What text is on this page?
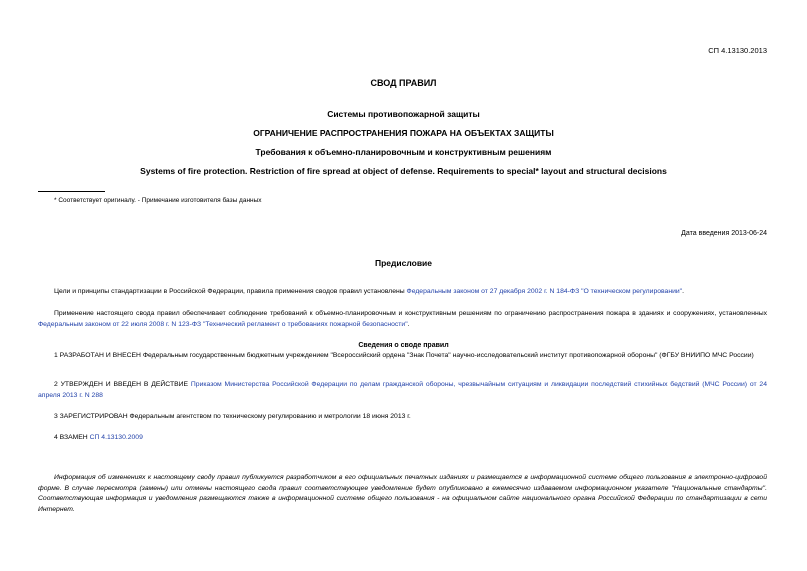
СП 4.13130.2013
СВОД ПРАВИЛ
Системы противопожарной защиты
ОГРАНИЧЕНИЕ РАСПРОСТРАНЕНИЯ ПОЖАРА НА ОБЪЕКТАХ ЗАЩИТЫ
Требования к объемно-планировочным и конструктивным решениям
Systems of fire protection. Restriction of fire spread at object of defense. Requirements to special* layout and structural decisions
* Соответствует оригиналу. - Примечание изготовителя базы данных
Дата введения 2013-06-24
Предисловие
Цели и принципы стандартизации в Российской Федерации, правила применения сводов правил установлены Федеральным законом от 27 декабря 2002 г. N 184-ФЗ "О техническом регулировании".
Применение настоящего свода правил обеспечивает соблюдение требований к объемно-планировочным и конструктивным решениям по ограничению распространения пожара в зданиях и сооружениях, установленных Федеральным законом от 22 июля 2008 г. N 123-ФЗ "Технический регламент о требованиях пожарной безопасности".
Сведения о своде правил
1 РАЗРАБОТАН И ВНЕСЕН Федеральным государственным бюджетным учреждением "Всероссийский ордена "Знак Почета" научно-исследовательский институт противопожарной обороны" (ФГБУ ВНИИПО МЧС России)
2 УТВЕРЖДЕН И ВВЕДЕН В ДЕЙСТВИЕ Приказом Министерства Российской Федерации по делам гражданской обороны, чрезвычайным ситуациям и ликвидации последствий стихийных бедствий (МЧС России) от 24 апреля 2013 г. N 288
3 ЗАРЕГИСТРИРОВАН Федеральным агентством по техническому регулированию и метрологии 18 июня 2013 г.
4 ВЗАМЕН СП 4.13130.2009
Информация об изменениях к настоящему своду правил публикуется разработчиком в его официальных печатных изданиях и размещается в информационной системе общего пользования в электронно-цифровой форме. В случае пересмотра (замены) или отмены настоящего свода правил соответствующее уведомление будет опубликовано в ежемесячно издаваемом информационном указателе "Национальные стандарты". Соответствующая информация и уведомления размещаются также в информационной системе общего пользования - на официальном сайте национального органа Российской Федерации по стандартизации в сети Интернет.
